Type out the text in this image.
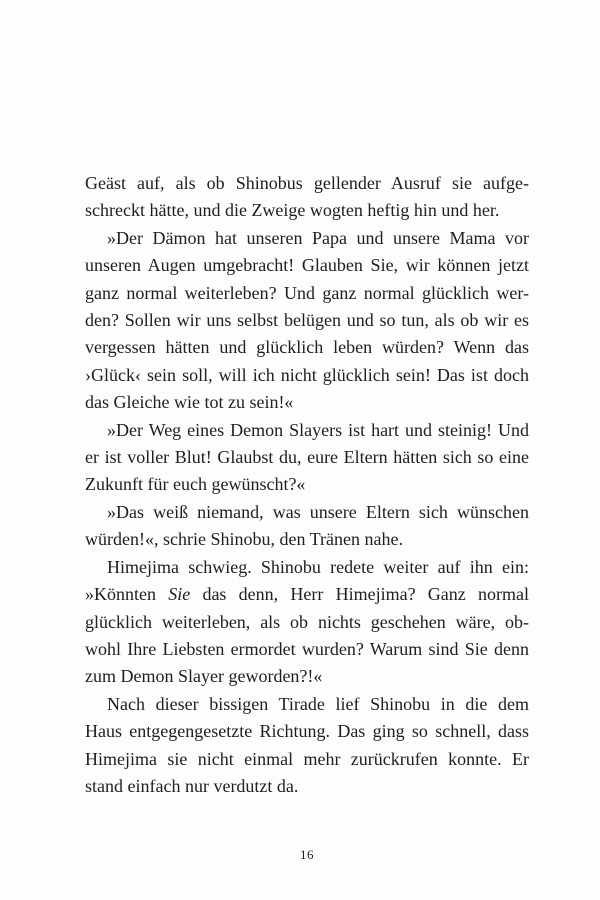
Geäst auf, als ob Shinobus gellender Ausruf sie aufge-
schreckt hätte, und die Zweige wogten heftig hin und her.
»Der Dämon hat unseren Papa und unsere Mama vor
unseren Augen umgebracht! Glauben Sie, wir können jetzt
ganz normal weiterleben? Und ganz normal glücklich wer-
den? Sollen wir uns selbst belügen und so tun, als ob wir es
vergessen hätten und glücklich leben würden? Wenn das
›Glück‹ sein soll, will ich nicht glücklich sein! Das ist doch
das Gleiche wie tot zu sein!«
»Der Weg eines Demon Slayers ist hart und steinig! Und
er ist voller Blut! Glaubst du, eure Eltern hätten sich so eine
Zukunft für euch gewünscht?«
»Das weiß niemand, was unsere Eltern sich wünschen
würden!«, schrie Shinobu, den Tränen nahe.
Himejima schwieg. Shinobu redete weiter auf ihn ein:
»Könnten Sie das denn, Herr Himejima? Ganz normal
glücklich weiterleben, als ob nichts geschehen wäre, ob-
wohl Ihre Liebsten ermordet wurden? Warum sind Sie denn
zum Demon Slayer geworden?!«
Nach dieser bissigen Tirade lief Shinobu in die dem
Haus entgegengesetzte Richtung. Das ging so schnell, dass
Himejima sie nicht einmal mehr zurückrufen konnte. Er
stand einfach nur verdutzt da.
16
